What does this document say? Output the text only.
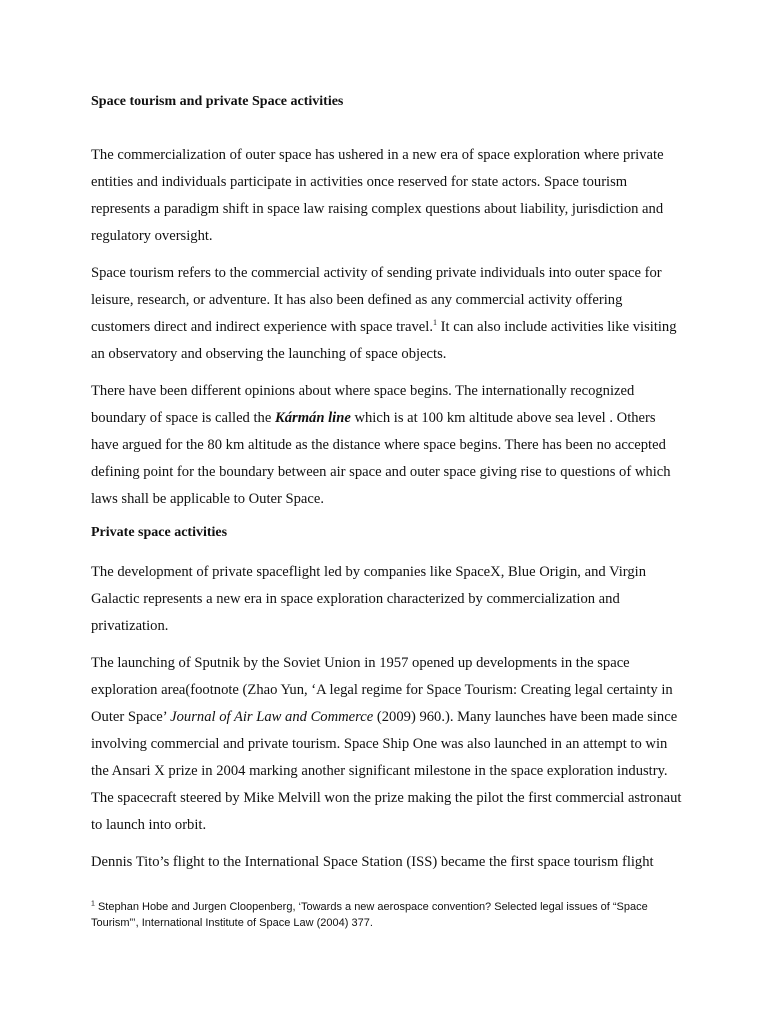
Space tourism and private Space activities

The commercialization of outer space has ushered in a new era of space exploration where private entities and individuals participate in activities once reserved for state actors. Space tourism represents a paradigm shift in space law raising complex questions about liability, jurisdiction and regulatory oversight.

Space tourism refers to the commercial activity of sending private individuals into outer space for leisure, research, or adventure. It has also been defined as any commercial activity offering customers direct and indirect experience with space travel.$^1$ It can also include activities like visiting an observatory and observing the launching of space objects.

There have been different opinions about where space begins. The internationally recognized boundary of space is called the Kármán line which is at 100 km altitude above sea level . Others have argued for the 80 km altitude as the distance where space begins. There has been no accepted defining point for the boundary between air space and outer space giving rise to questions of which laws shall be applicable to Outer Space.

Private space activities

The development of private spaceflight led by companies like SpaceX, Blue Origin, and Virgin Galactic represents a new era in space exploration characterized by commercialization and privatization.

The launching of Sputnik by the Soviet Union in 1957 opened up developments in the space exploration area(footnote (Zhao Yun, ‘A legal regime for Space Tourism: Creating legal certainty in Outer Space’ Journal of Air Law and Commerce (2009) 960.). Many launches have been made since involving commercial and private tourism. Space Ship One was also launched in an attempt to win the Ansari X prize in 2004 marking another significant milestone in the space exploration industry. The spacecraft steered by Mike Melvill won the prize making the pilot the first commercial astronaut to launch into orbit.

Dennis Tito’s flight to the International Space Station (ISS) became the first space tourism flight

$^1$ Stephan Hobe and Jurgen Cloopenberg, ‘Towards a new aerospace convention? Selected legal issues of “Space Tourism”’, International Institute of Space Law (2004) 377.
